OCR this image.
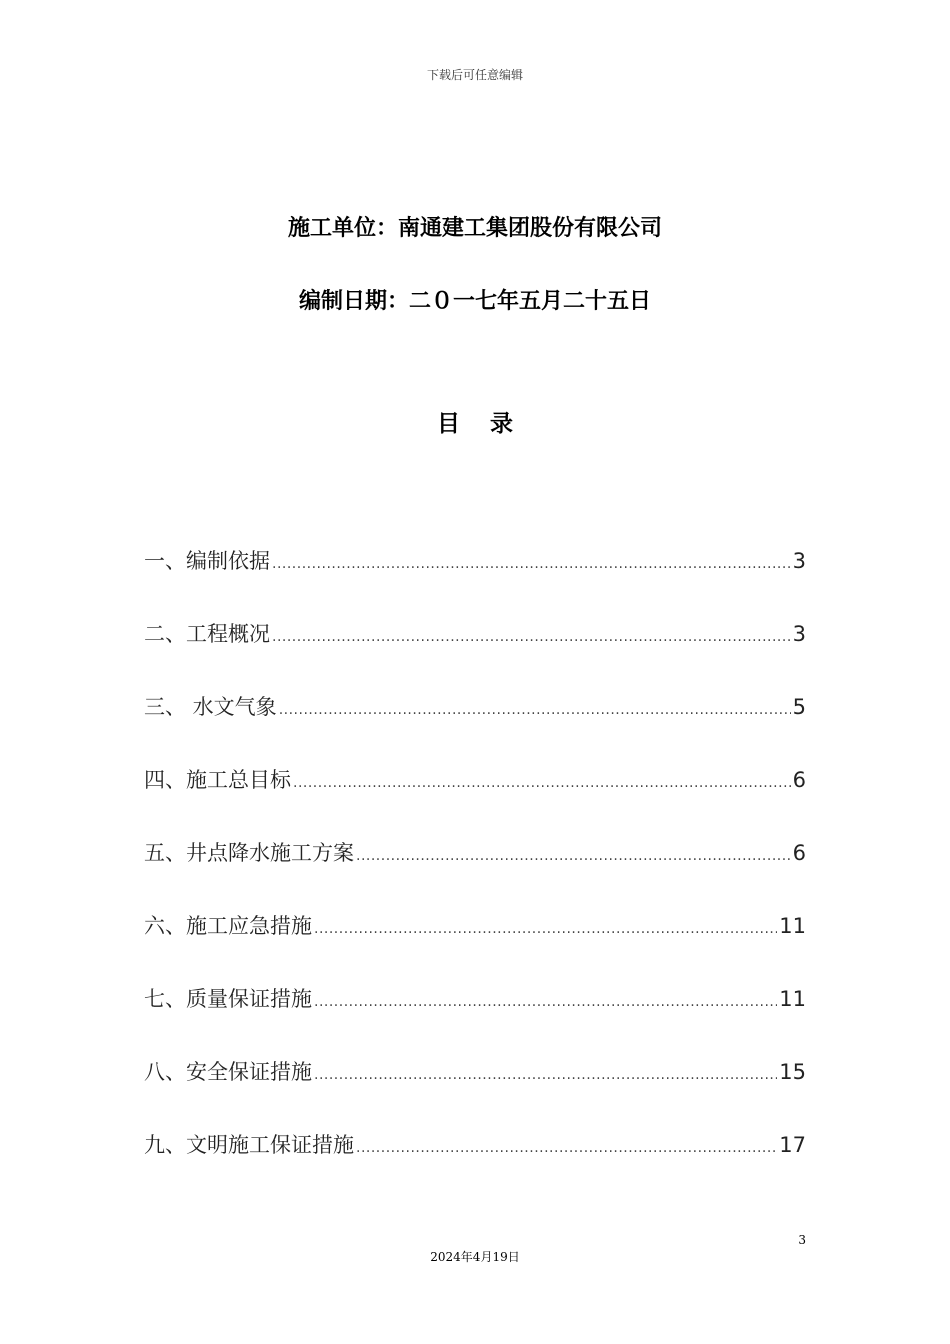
下载后可任意编辑
施工单位：南通建工集团股份有限公司
编制日期：二０一七年五月二十五日
目录
一、编制依据 .....	3
二、工程概况 .....	3
三、 水文气象 .....	5
四、施工总目标 .....	6
五、井点降水施工方案 .....	6
六、施工应急措施 .....	11
七、质量保证措施 .....	11
八、安全保证措施 .....	15
九、文明施工保证措施 .....	17
3
2024年4月19日
